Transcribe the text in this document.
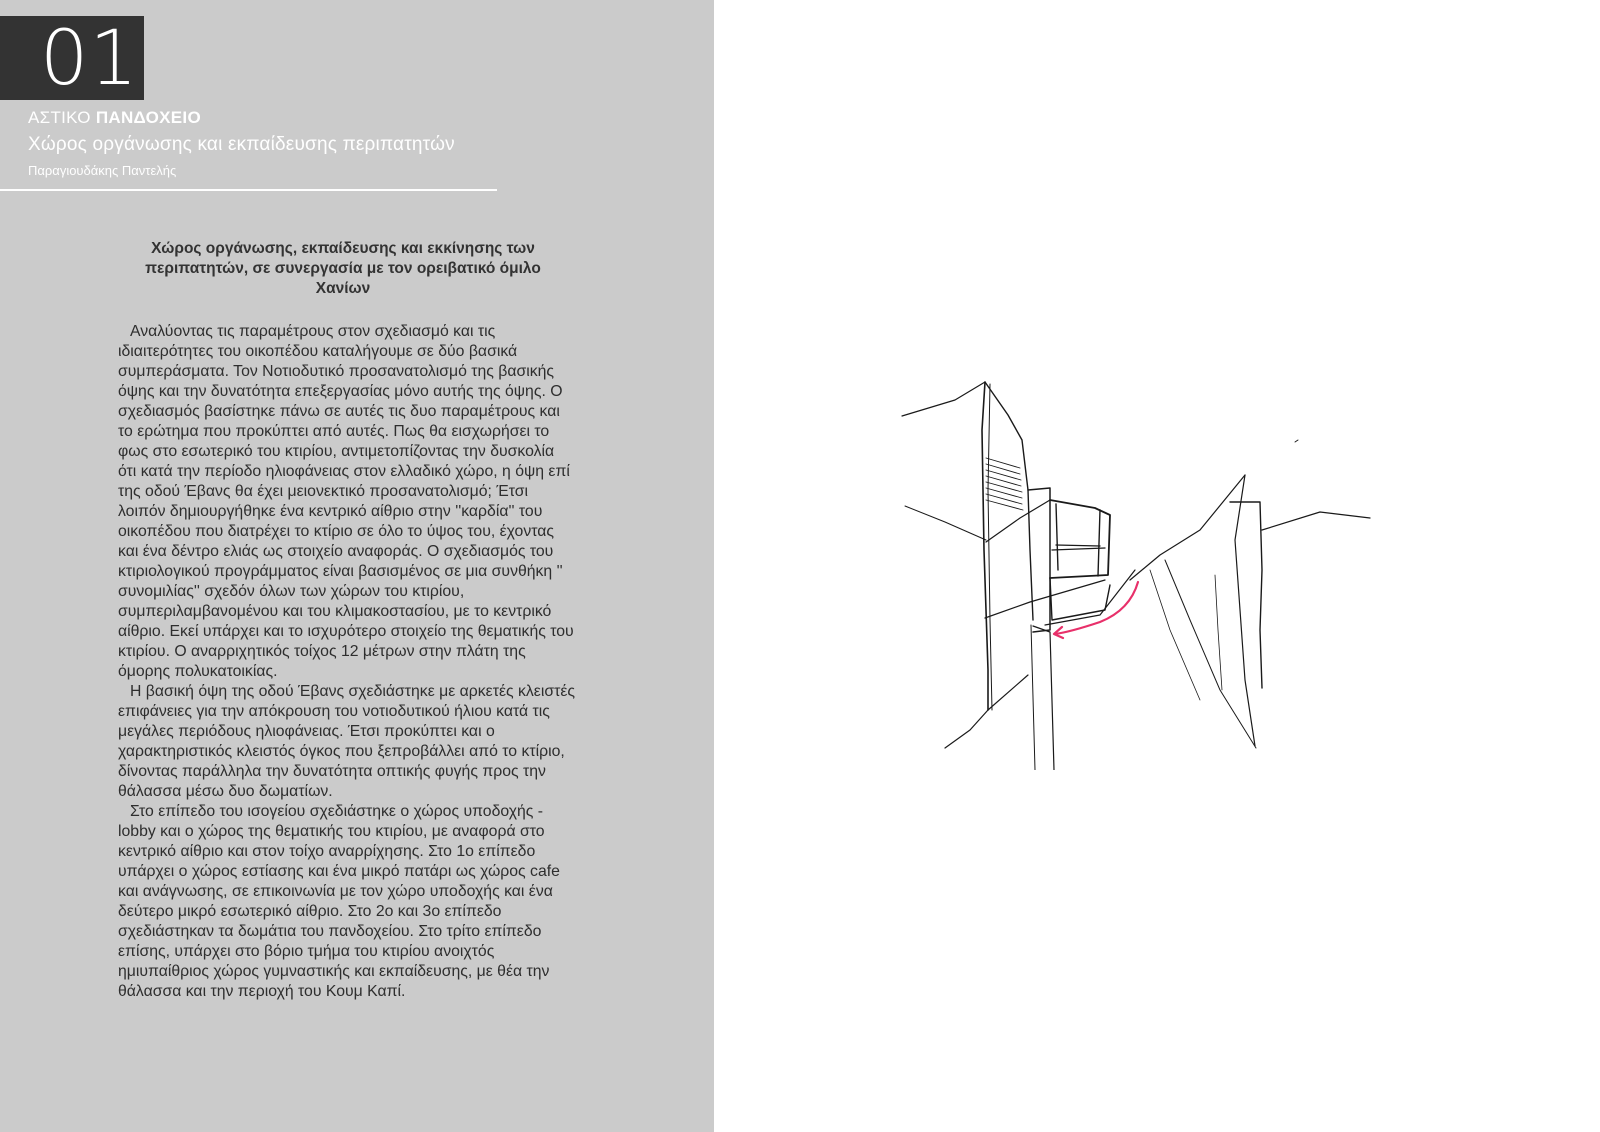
01
ΑΣΤΙΚΟ ΠΑΝΔΟΧΕΙΟ
Χώρος οργάνωσης και εκπαίδευσης περιπατητών
Παραγιουδάκης Παντελής
Χώρος οργάνωσης, εκπαίδευσης και εκκίνησης των περιπατητών, σε συνεργασία με τον ορειβατικό όμιλο Χανίων

Αναλύοντας τις παραμέτρους στον σχεδιασμό και τις ιδιαιτερότητες του οικοπέδου καταλήγουμε σε δύο βασικά συμπεράσματα. Τον Νοτιοδυτικό προσανατολισμό της βασικής όψης και την δυνατότητα επεξεργασίας μόνο αυτής της όψης. Ο σχεδιασμός βασίστηκε πάνω σε αυτές τις δυο παραμέτρους και το ερώτημα που προκύπτει από αυτές. Πως θα εισχωρήσει το φως στο εσωτερικό του κτιρίου, αντιμετοπίζοντας την δυσκολία ότι κατά την περίοδο ηλιοφάνειας στον ελλαδικό χώρο, η όψη επί της οδού Έβανς θα έχει μειονεκτικό προσανατολισμό; Έτσι λοιπόν δημιουργήθηκε ένα κεντρικό αίθριο στην ''καρδία'' του οικοπέδου που διατρέχει το κτίριο σε όλο το ύψος του, έχοντας και ένα δέντρο ελιάς ως στοιχείο αναφοράς. Ο σχεδιασμός του κτιριολογικού προγράμματος είναι βασισμένος σε μια συνθήκη '' συνομιλίας'' σχεδόν όλων των χώρων του κτιρίου, συμπεριλαμβανομένου και του κλιμακοστασίου, με το κεντρικό αίθριο. Εκεί υπάρχει και το ισχυρότερο στοιχείο της θεματικής του κτιρίου. Ο αναρριχητικός τοίχος 12 μέτρων στην πλάτη της όμορης πολυκατοικίας.

Η βασική όψη της οδού Έβανς σχεδιάστηκε με αρκετές κλειστές επιφάνειες για την απόκρουση του νοτιοδυτικού ήλιου κατά τις μεγάλες περιόδους ηλιοφάνειας. Έτσι προκύπτει και ο χαρακτηριστικός κλειστός όγκος που ξεπροβάλλει από το κτίριο, δίνοντας παράλληλα την δυνατότητα οπτικής φυγής προς την θάλασσα μέσω δυο δωματίων.

Στο επίπεδο του ισογείου σχεδιάστηκε ο χώρος υποδοχής - lobby και ο χώρος της θεματικής του κτιρίου, με αναφορά στο κεντρικό αίθριο και στον τοίχο αναρρίχησης. Στο 1ο επίπεδο υπάρχει ο χώρος εστίασης και ένα μικρό πατάρι ως χώρος cafe και ανάγνωσης, σε επικοινωνία με τον χώρο υποδοχής και ένα δεύτερο μικρό εσωτερικό αίθριο. Στο 2ο και 3ο επίπεδο σχεδιάστηκαν τα δωμάτια του πανδοχείου. Στο τρίτο επίπεδο επίσης, υπάρχει στο βόριο τμήμα του κτιρίου ανοιχτός ημιυπαίθριος χώρος γυμναστικής και εκπαίδευσης, με θέα την θάλασσα και την περιοχή του Κουμ Καπί.
